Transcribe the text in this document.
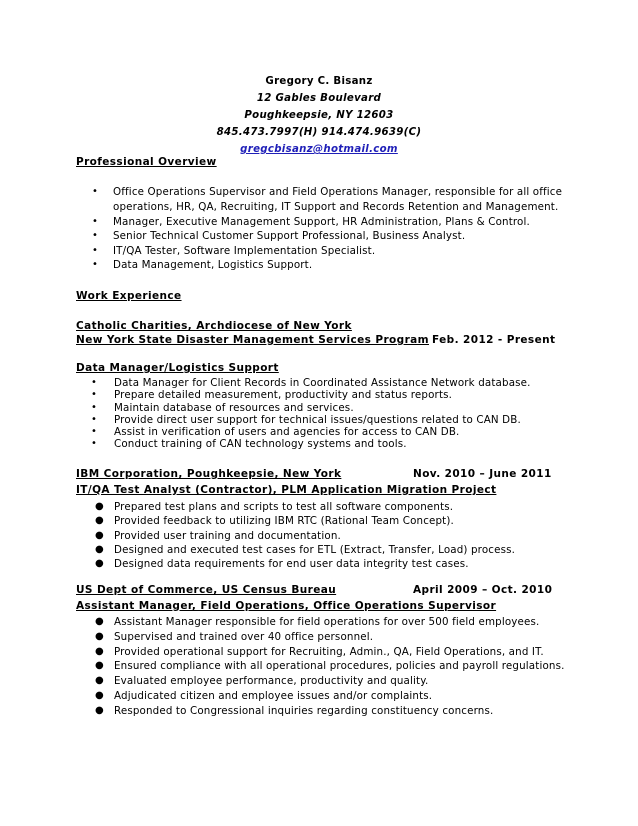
Gregory C. Bisanz
12 Gables Boulevard
Poughkeepsie, NY 12603
845.473.7997(H) 914.474.9639(C)
gregcbisanz@hotmail.com
Professional Overview
• Office Operations Supervisor and Field Operations Manager, responsible for all office
operations, HR, QA, Recruiting, IT Support and Records Retention and Management.
• Manager, Executive Management Support, HR Administration, Plans & Control.
• Senior Technical Customer Support Professional, Business Analyst.
• IT/QA Tester, Software Implementation Specialist.
• Data Management, Logistics Support.
Work Experience
Catholic Charities, Archdiocese of New York
New York State Disaster Management Services Program Feb. 2012 - Present
Data Manager/Logistics Support
• Data Manager for Client Records in Coordinated Assistance Network database.
• Prepare detailed measurement, productivity and status reports.
• Maintain database of resources and services.
• Provide direct user support for technical issues/questions related to CAN DB.
• Assist in verification of users and agencies for access to CAN DB.
• Conduct training of CAN technology systems and tools.
IBM Corporation, Poughkeepsie, New York	Nov. 2010 – June 2011
IT/QA Test Analyst (Contractor), PLM Application Migration Project
● Prepared test plans and scripts to test all software components.
● Provided feedback to utilizing IBM RTC (Rational Team Concept).
● Provided user training and documentation.
● Designed and executed test cases for ETL (Extract, Transfer, Load) process.
● Designed data requirements for end user data integrity test cases.
US Dept of Commerce, US Census Bureau	April 2009 – Oct. 2010
Assistant Manager, Field Operations, Office Operations Supervisor
● Assistant Manager responsible for field operations for over 500 field employees.
● Supervised and trained over 40 office personnel.
● Provided operational support for Recruiting, Admin., QA, Field Operations, and IT.
● Ensured compliance with all operational procedures, policies and payroll regulations.
● Evaluated employee performance, productivity and quality.
● Adjudicated citizen and employee issues and/or complaints.
● Responded to Congressional inquiries regarding constituency concerns.
